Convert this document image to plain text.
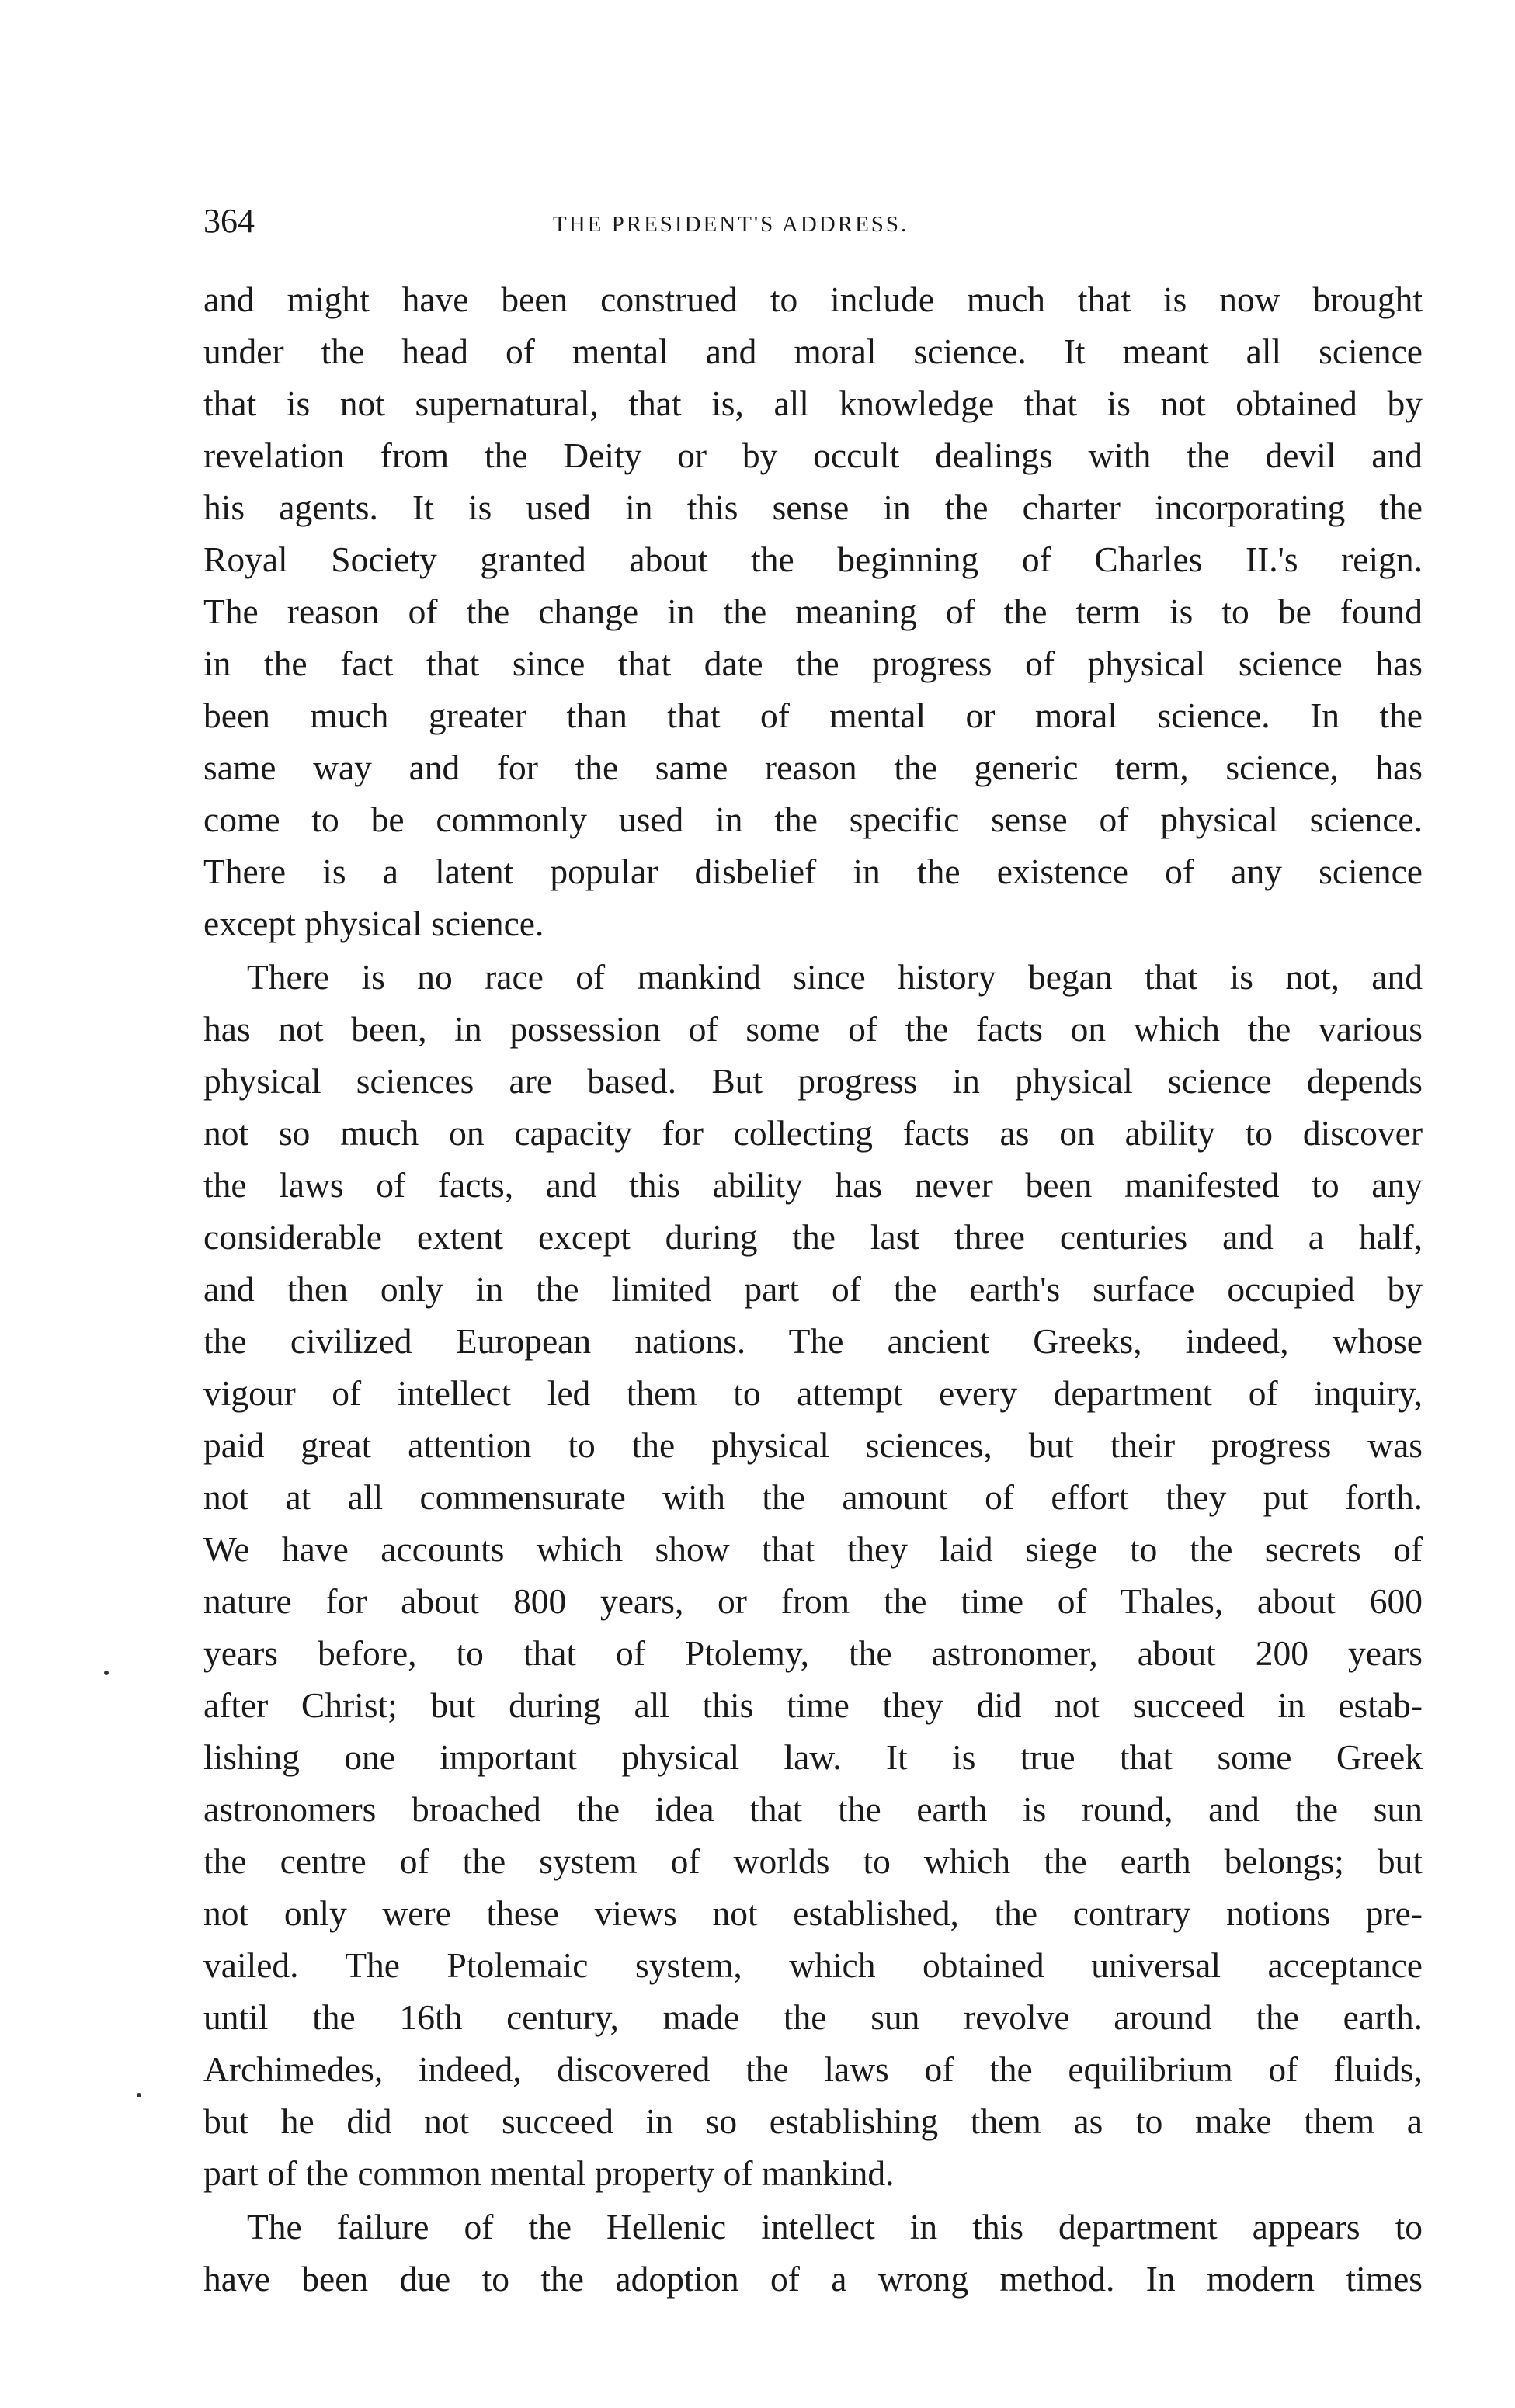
364	THE PRESIDENT'S ADDRESS.
and might have been construed to include much that is now brought
under the head of mental and moral science. It meant all science
that is not supernatural, that is, all knowledge that is not obtained by
revelation from the Deity or by occult dealings with the devil and
his agents. It is used in this sense in the charter incorporating the
Royal Society granted about the beginning of Charles II.'s reign.
The reason of the change in the meaning of the term is to be found
in the fact that since that date the progress of physical science has
been much greater than that of mental or moral science. In the
same way and for the same reason the generic term, science, has
come to be commonly used in the specific sense of physical science.
There is a latent popular disbelief in the existence of any science
except physical science.
There is no race of mankind since history began that is not, and
has not been, in possession of some of the facts on which the various
physical sciences are based. But progress in physical science depends
not so much on capacity for collecting facts as on ability to discover
the laws of facts, and this ability has never been manifested to any
considerable extent except during the last three centuries and a half,
and then only in the limited part of the earth's surface occupied by
the civilized European nations. The ancient Greeks, indeed, whose
vigour of intellect led them to attempt every department of inquiry,
paid great attention to the physical sciences, but their progress was
not at all commensurate with the amount of effort they put forth.
We have accounts which show that they laid siege to the secrets of
nature for about 800 years, or from the time of Thales, about 600
years before, to that of Ptolemy, the astronomer, about 200 years
after Christ; but during all this time they did not succeed in estab-
lishing one important physical law. It is true that some Greek
astronomers broached the idea that the earth is round, and the sun
the centre of the system of worlds to which the earth belongs; but
not only were these views not established, the contrary notions pre-
vailed. The Ptolemaic system, which obtained universal acceptance
until the 16th century, made the sun revolve around the earth.
Archimedes, indeed, discovered the laws of the equilibrium of fluids,
but he did not succeed in so establishing them as to make them a
part of the common mental property of mankind.
The failure of the Hellenic intellect in this department appears to
have been due to the adoption of a wrong method. In modern times
